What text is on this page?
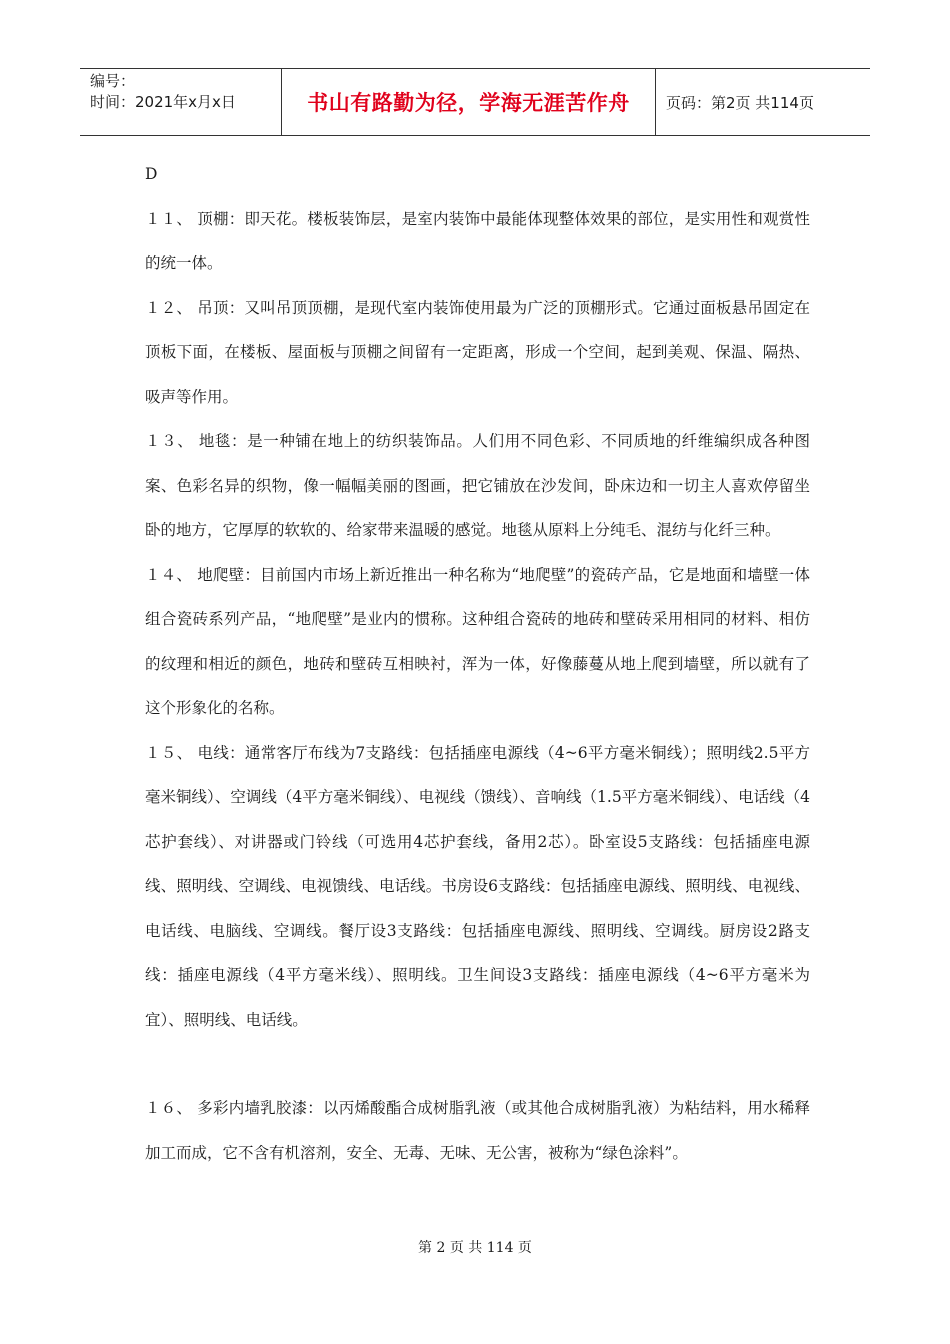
编号：
时间：2021年x月x日	书山有路勤为径，学海无涯苦作舟	页码：第2页 共114页

D

１１、 顶棚：即天花。楼板装饰层，是室内装饰中最能体现整体效果的部位，是实用性和观赏性的统一体。

１２、 吊顶：又叫吊顶顶棚，是现代室内装饰使用最为广泛的顶棚形式。它通过面板悬吊固定在顶板下面，在楼板、屋面板与顶棚之间留有一定距离，形成一个空间，起到美观、保温、隔热、吸声等作用。

１３、 地毯：是一种铺在地上的纺织装饰品。人们用不同色彩、不同质地的纤维编织成各种图案、色彩名异的织物，像一幅幅美丽的图画，把它铺放在沙发间，卧床边和一切主人喜欢停留坐卧的地方，它厚厚的软软的、给家带来温暖的感觉。地毯从原料上分纯毛、混纺与化纤三种。

１４、 地爬壁：目前国内市场上新近推出一种名称为“地爬壁”的瓷砖产品，它是地面和墙壁一体组合瓷砖系列产品，“地爬壁”是业内的惯称。这种组合瓷砖的地砖和壁砖采用相同的材料、相仿的纹理和相近的颜色，地砖和壁砖互相映衬，浑为一体，好像藤蔓从地上爬到墙壁，所以就有了这个形象化的名称。

１５、 电线：通常客厅布线为7支路线：包括插座电源线（4~6平方毫米铜线）；照明线2.5平方毫米铜线）、空调线（4平方毫米铜线）、电视线（馈线）、音响线（1.5平方毫米铜线）、电话线（4芯护套线）、对讲器或门铃线（可选用4芯护套线，备用2芯）。卧室设5支路线：包括插座电源线、照明线、空调线、电视馈线、电话线。书房设6支路线：包括插座电源线、照明线、电视线、电话线、电脑线、空调线。餐厅设3支路线：包括插座电源线、照明线、空调线。厨房设2路支线：插座电源线（4平方毫米线）、照明线。卫生间设3支路线：插座电源线（4~6平方毫米为宜）、照明线、电话线。

１６、 多彩内墙乳胶漆：以丙烯酸酯合成树脂乳液（或其他合成树脂乳液）为粘结料，用水稀释加工而成，它不含有机溶剂，安全、无毒、无味、无公害，被称为“绿色涂料”。

第 2 页 共 114 页
